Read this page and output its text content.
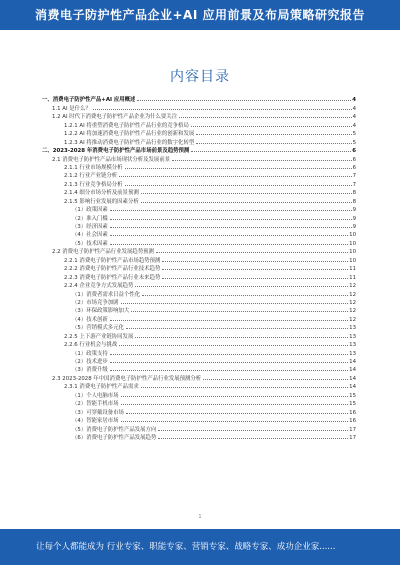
消费电子防护性产品企业+AI 应用前景及布局策略研究报告
内容目录
一、消费电子防护性产品+AI 应用概述	4
1.1 AI 是什么？	4
1.2 AI 时代下消费电子防护性产品企业为什么要关注	4
1.2.1 AI 将重塑消费电子防护性产品行业的竞争格局	4
1.2.2 AI 将加速消费电子防护性产品行业的创新和发展	5
1.2.3 AI 将推动消费电子防护性产品行业的数字化转型	5
二、2023-2028 年消费电子防护性产品市场前景及趋势预测	6
2.1 消费电子防护性产品市场现状分析及发展前景	6
2.1.1 行业市场规模分析	6
2.1.2 行业产业链分析	7
2.1.3 行业竞争格局分析	7
2.1.4 细分市场分析及前景预测	8
2.1.5 影响行业发展的因素分析	8
（1）政策因素	9
（2）准入门槛	9
（3）经济因素	9
（4）社会因素	10
（5）技术因素	10
2.2 消费电子防护性产品行业发展趋势预测	10
2.2.1 消费电子防护性产品市场趋势预测	10
2.2.2 消费电子防护性产品行业技术趋势	11
2.2.3 消费电子防护性产品行业未来趋势	11
2.2.4 企业竞争方式发展趋势	12
（1）消费者需求日益个性化	12
（2）市场竞争加剧	12
（3）环保政策影响加大	12
（4）技术创新	12
（5）营销模式多元化	13
2.2.5 上下游产业链协同发展	13
2.2.6 行业机会与挑战	13
（1）政策支持	13
（2）技术进步	14
（3）消费升级	14
2.3 2023-2028 年中国消费电子防护性产品行业发展预测分析	14
2.3.1 消费电子防护性产品需求	14
（1）个人电脑市场	15
（2）智能手机市场	15
（3）可穿戴设备市场	16
（4）智能家居市场	16
（5）消费电子防护性产品发展方向	17
（6）消费电子防护性产品发展趋势	17
1
让每个人都能成为 行业专家、职能专家、营销专家、战略专家、成功企业家......
